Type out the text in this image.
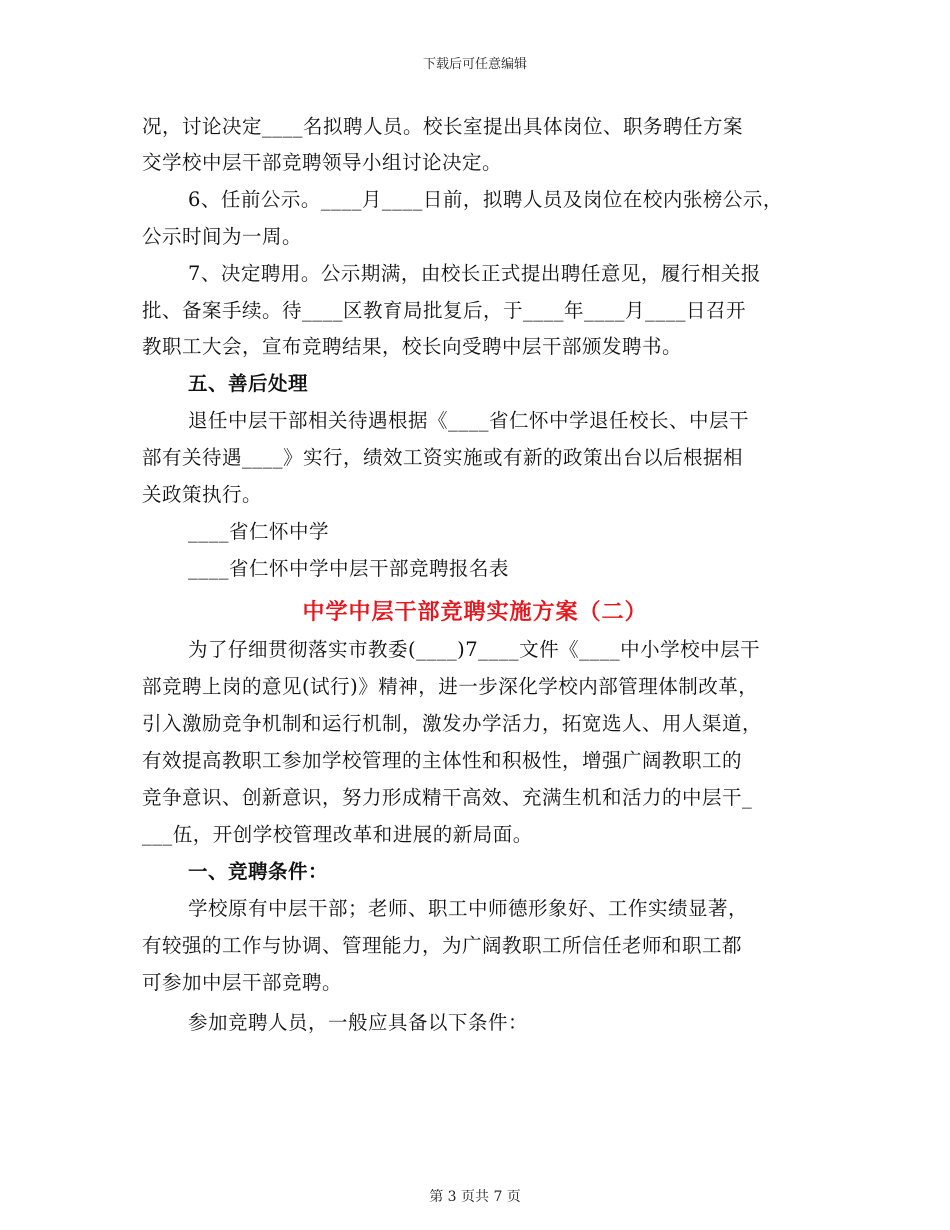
下载后可任意编辑
况，讨论决定____名拟聘人员。校长室提出具体岗位、职务聘任方案
交学校中层干部竞聘领导小组讨论决定。
6、任前公示。____月____日前，拟聘人员及岗位在校内张榜公示，
公示时间为一周。
7、决定聘用。公示期满，由校长正式提出聘任意见，履行相关报
批、备案手续。待____区教育局批复后，于____年____月____日召开
教职工大会，宣布竞聘结果，校长向受聘中层干部颁发聘书。
五、善后处理
退任中层干部相关待遇根据《____省仁怀中学退任校长、中层干
部有关待遇____》实行，绩效工资实施或有新的政策出台以后根据相
关政策执行。
____省仁怀中学
____省仁怀中学中层干部竞聘报名表
中学中层干部竞聘实施方案（二）
为了仔细贯彻落实市教委(____)7____文件《____中小学校中层干
部竞聘上岗的意见(试行)》精神，进一步深化学校内部管理体制改革，
引入激励竞争机制和运行机制，激发办学活力，拓宽选人、用人渠道，
有效提高教职工参加学校管理的主体性和积极性，增强广阔教职工的
竞争意识、创新意识，努力形成精干高效、充满生机和活力的中层干_
___伍，开创学校管理改革和进展的新局面。
一、竞聘条件：
学校原有中层干部；老师、职工中师德形象好、工作实绩显著，
有较强的工作与协调、管理能力，为广阔教职工所信任老师和职工都
可参加中层干部竞聘。
参加竞聘人员，一般应具备以下条件：
第 3 页共 7 页
